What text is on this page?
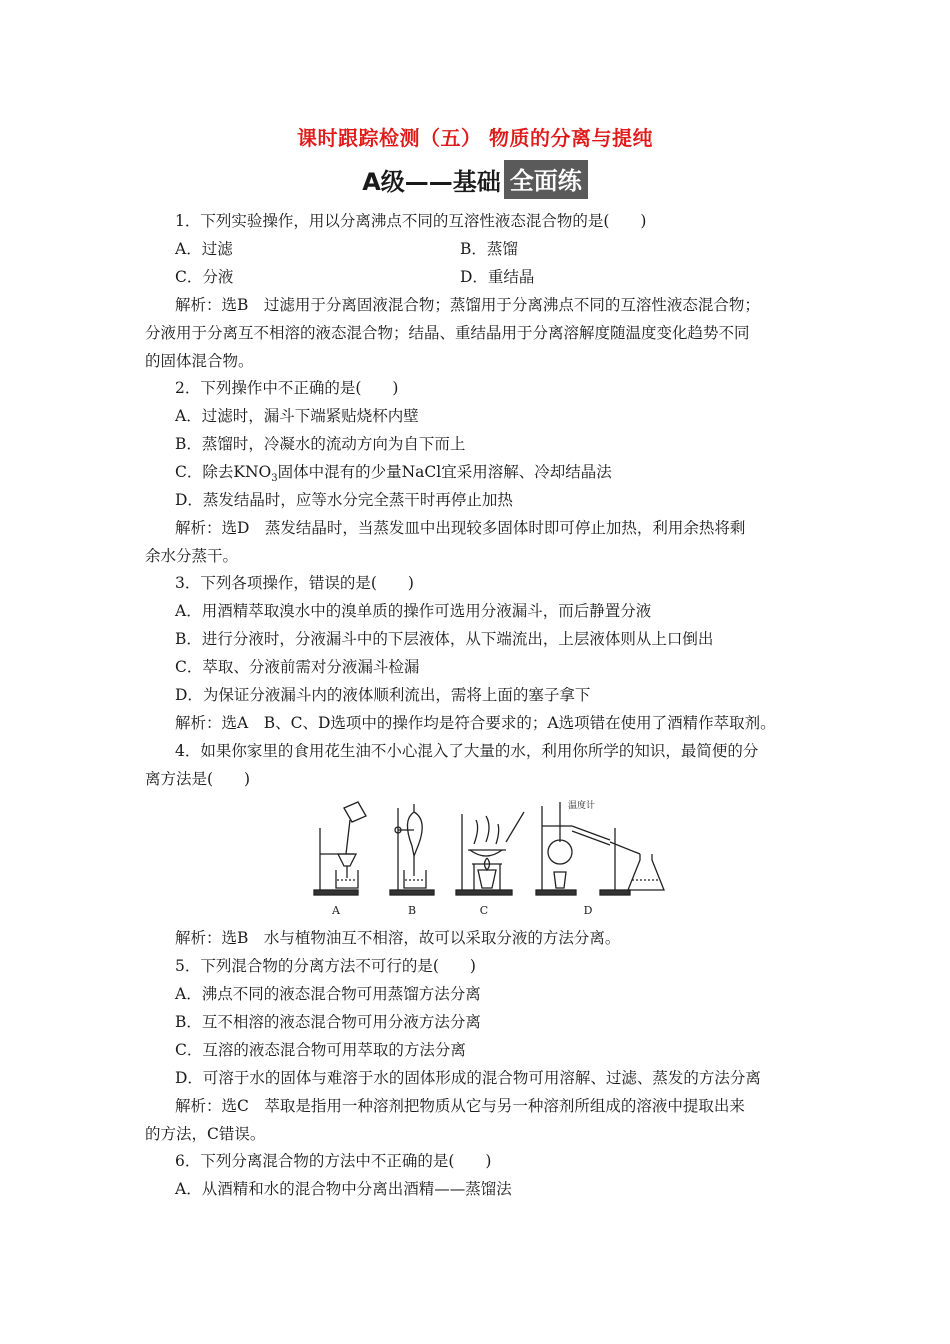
课时跟踪检测（五） 物质的分离与提纯
A级——基础 全面练
1．下列实验操作，用以分离沸点不同的互溶性液态混合物的是(　　)
A．过滤	B．蒸馏
C．分液	D．重结晶
解析：选B　过滤用于分离固液混合物；蒸馏用于分离沸点不同的互溶性液态混合物；
分液用于分离互不相溶的液态混合物；结晶、重结晶用于分离溶解度随温度变化趋势不同
的固体混合物。
2．下列操作中不正确的是(　　)
A．过滤时，漏斗下端紧贴烧杯内壁
B．蒸馏时，冷凝水的流动方向为自下而上
C．除去$KNO_3$固体中混有的少量NaCl宜采用溶解、冷却结晶法
D．蒸发结晶时，应等水分完全蒸干时再停止加热
解析：选D　蒸发结晶时，当蒸发皿中出现较多固体时即可停止加热，利用余热将剩
余水分蒸干。
3．下列各项操作，错误的是(　　)
A．用酒精萃取溴水中的溴单质的操作可选用分液漏斗，而后静置分液
B．进行分液时，分液漏斗中的下层液体，从下端流出，上层液体则从上口倒出
C．萃取、分液前需对分液漏斗检漏
D．为保证分液漏斗内的液体顺利流出，需将上面的塞子拿下
解析：选A　B、C、D选项中的操作均是符合要求的；A选项错在使用了酒精作萃取剂。
4．如果你家里的食用花生油不小心混入了大量的水，利用你所学的知识，最简便的分
离方法是(　　)
温度计
A	B	C	D
解析：选B　水与植物油互不相溶，故可以采取分液的方法分离。
5．下列混合物的分离方法不可行的是(　　)
A．沸点不同的液态混合物可用蒸馏方法分离
B．互不相溶的液态混合物可用分液方法分离
C．互溶的液态混合物可用萃取的方法分离
D．可溶于水的固体与难溶于水的固体形成的混合物可用溶解、过滤、蒸发的方法分离
解析：选C　萃取是指用一种溶剂把物质从它与另一种溶剂所组成的溶液中提取出来
的方法，C错误。
6．下列分离混合物的方法中不正确的是(　　)
A．从酒精和水的混合物中分离出酒精——蒸馏法
